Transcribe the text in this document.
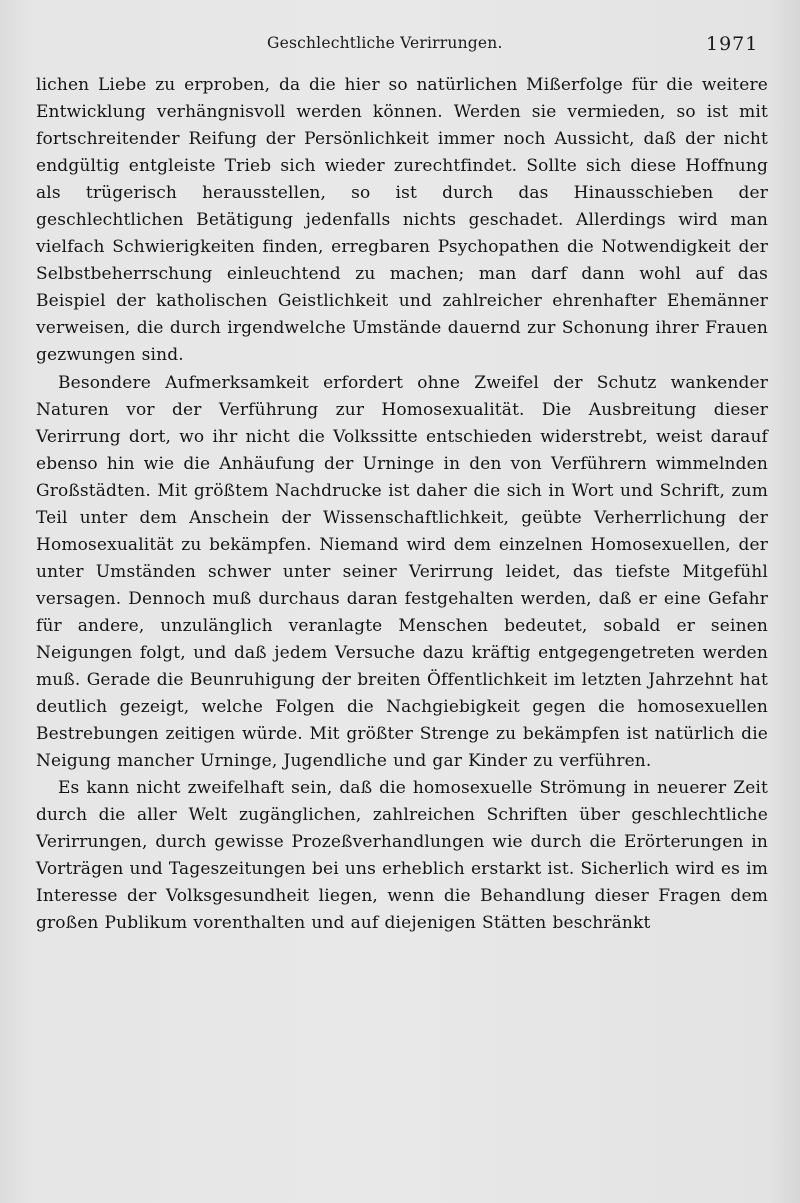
Geschlechtliche Verirrungen.	1971

lichen Liebe zu erproben, da die hier so natürlichen Mißerfolge für die weitere Entwicklung verhängnisvoll werden können. Werden sie vermieden, so ist mit fortschreitender Reifung der Persönlichkeit immer noch Aussicht, daß der nicht endgültig entgleiste Trieb sich wieder zurechtfindet. Sollte sich diese Hoffnung als trügerisch herausstellen, so ist durch das Hinausschieben der geschlechtlichen Betätigung jedenfalls nichts geschadet. Allerdings wird man vielfach Schwierigkeiten finden, erregbaren Psychopathen die Notwendigkeit der Selbstbeherrschung einleuchtend zu machen; man darf dann wohl auf das Beispiel der katholischen Geistlichkeit und zahlreicher ehrenhafter Ehemänner verweisen, die durch irgendwelche Umstände dauernd zur Schonung ihrer Frauen gezwungen sind.

Besondere Aufmerksamkeit erfordert ohne Zweifel der Schutz wankender Naturen vor der Verführung zur Homosexualität. Die Ausbreitung dieser Verirrung dort, wo ihr nicht die Volkssitte entschieden widerstrebt, weist darauf ebenso hin wie die Anhäufung der Urninge in den von Verführern wimmelnden Großstädten. Mit größtem Nachdrucke ist daher die sich in Wort und Schrift, zum Teil unter dem Anschein der Wissenschaftlichkeit, geübte Verherrlichung der Homosexualität zu bekämpfen. Niemand wird dem einzelnen Homosexuellen, der unter Umständen schwer unter seiner Verirrung leidet, das tiefste Mitgefühl versagen. Dennoch muß durchaus daran festgehalten werden, daß er eine Gefahr für andere, unzulänglich veranlagte Menschen bedeutet, sobald er seinen Neigungen folgt, und daß jedem Versuche dazu kräftig entgegengetreten werden muß. Gerade die Beunruhigung der breiten Öffentlichkeit im letzten Jahrzehnt hat deutlich gezeigt, welche Folgen die Nachgiebigkeit gegen die homosexuellen Bestrebungen zeitigen würde. Mit größter Strenge zu bekämpfen ist natürlich die Neigung mancher Urninge, Jugendliche und gar Kinder zu verführen.

Es kann nicht zweifelhaft sein, daß die homosexuelle Strömung in neuerer Zeit durch die aller Welt zugänglichen, zahlreichen Schriften über geschlechtliche Verirrungen, durch gewisse Prozeßverhandlungen wie durch die Erörterungen in Vorträgen und Tageszeitungen bei uns erheblich erstarkt ist. Sicherlich wird es im Interesse der Volksgesundheit liegen, wenn die Behandlung dieser Fragen dem großen Publikum vorenthalten und auf diejenigen Stätten beschränkt
